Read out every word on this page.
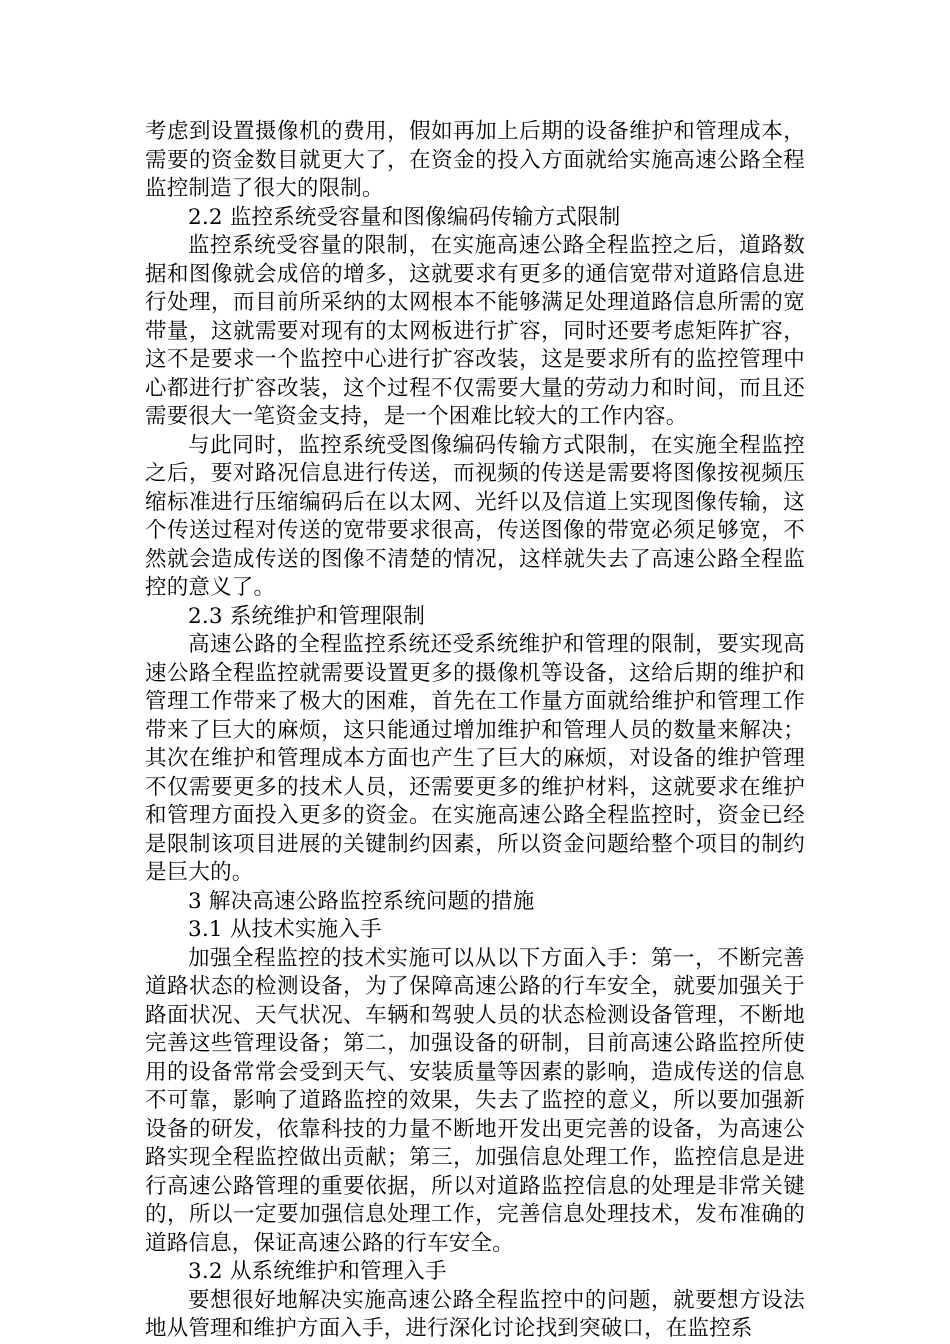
考虑到设置摄像机的费用，假如再加上后期的设备维护和管理成本，需要的资金数目就更大了，在资金的投入方面就给实施高速公路全程监控制造了很大的限制。

2.2 监控系统受容量和图像编码传输方式限制

监控系统受容量的限制，在实施高速公路全程监控之后，道路数据和图像就会成倍的增多，这就要求有更多的通信宽带对道路信息进行处理，而目前所采纳的太网根本不能够满足处理道路信息所需的宽带量，这就需要对现有的太网板进行扩容，同时还要考虑矩阵扩容，这不是要求一个监控中心进行扩容改装，这是要求所有的监控管理中心都进行扩容改装，这个过程不仅需要大量的劳动力和时间，而且还需要很大一笔资金支持，是一个困难比较大的工作内容。

与此同时，监控系统受图像编码传输方式限制，在实施全程监控之后，要对路况信息进行传送，而视频的传送是需要将图像按视频压缩标准进行压缩编码后在以太网、光纤以及信道上实现图像传输，这个传送过程对传送的宽带要求很高，传送图像的带宽必须足够宽，不然就会造成传送的图像不清楚的情况，这样就失去了高速公路全程监控的意义了。

2.3 系统维护和管理限制

高速公路的全程监控系统还受系统维护和管理的限制，要实现高速公路全程监控就需要设置更多的摄像机等设备，这给后期的维护和管理工作带来了极大的困难，首先在工作量方面就给维护和管理工作带来了巨大的麻烦，这只能通过增加维护和管理人员的数量来解决；其次在维护和管理成本方面也产生了巨大的麻烦，对设备的维护管理不仅需要更多的技术人员，还需要更多的维护材料，这就要求在维护和管理方面投入更多的资金。在实施高速公路全程监控时，资金已经是限制该项目进展的关键制约因素，所以资金问题给整个项目的制约是巨大的。

3 解决高速公路监控系统问题的措施

3.1 从技术实施入手

加强全程监控的技术实施可以从以下方面入手：第一，不断完善道路状态的检测设备，为了保障高速公路的行车安全，就要加强关于路面状况、天气状况、车辆和驾驶人员的状态检测设备管理，不断地完善这些管理设备；第二，加强设备的研制，目前高速公路监控所使用的设备常常会受到天气、安装质量等因素的影响，造成传送的信息不可靠，影响了道路监控的效果，失去了监控的意义，所以要加强新设备的研发，依靠科技的力量不断地开发出更完善的设备，为高速公路实现全程监控做出贡献；第三，加强信息处理工作，监控信息是进行高速公路管理的重要依据，所以对道路监控信息的处理是非常关键的，所以一定要加强信息处理工作，完善信息处理技术，发布准确的道路信息，保证高速公路的行车安全。

3.2 从系统维护和管理入手

要想很好地解决实施高速公路全程监控中的问题，就要想方设法地从管理和维护方面入手，进行深化讨论找到突破口，在监控系
